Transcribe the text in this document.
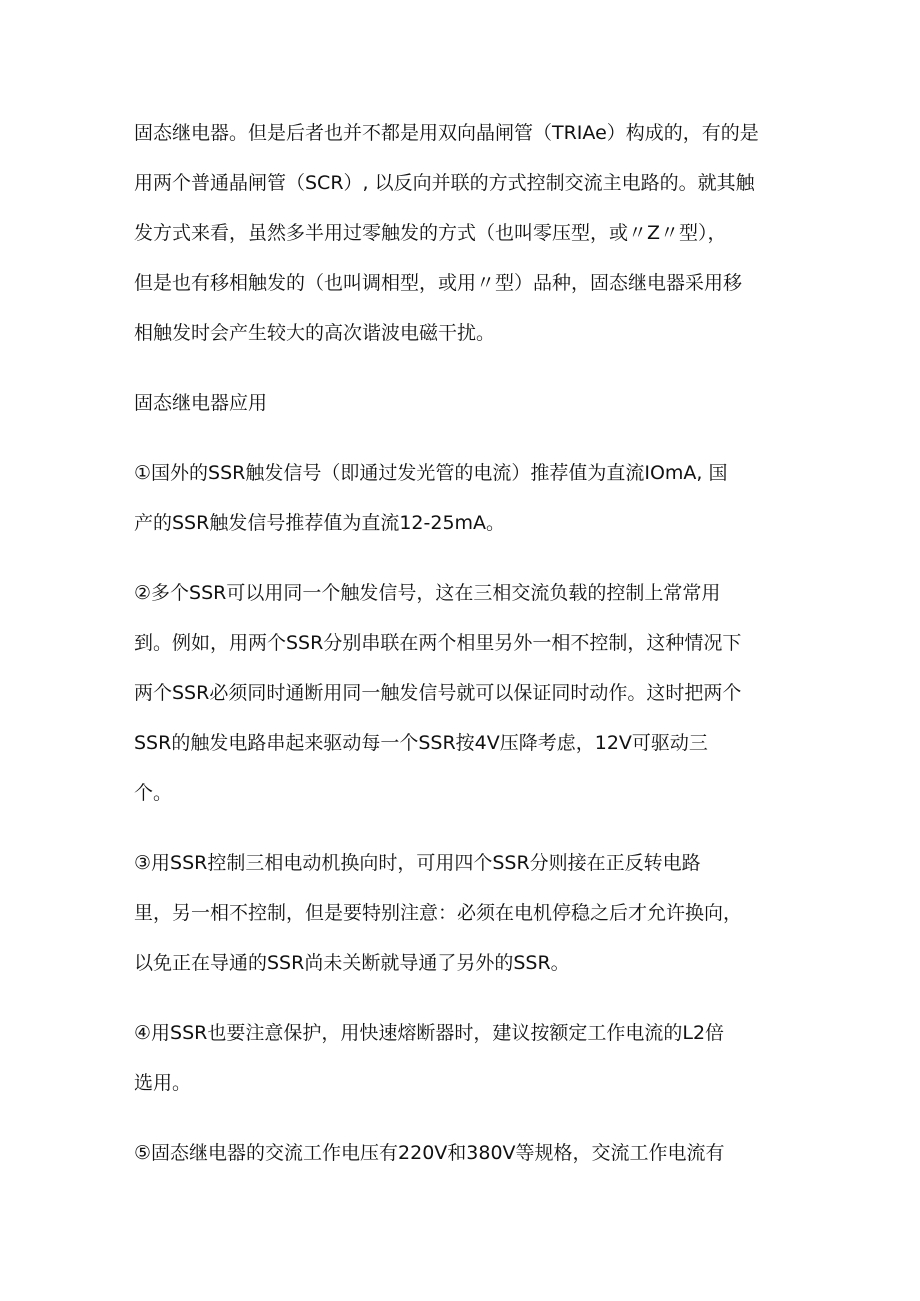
固态继电器。但是后者也并不都是用双向晶闸管（TRIAe）构成的，有的是
用两个普通晶闸管（SCR）, 以反向并联的方式控制交流主电路的。就其触
发方式来看，虽然多半用过零触发的方式（也叫零压型，或〃Z〃型），
但是也有移相触发的（也叫调相型，或用〃型）品种，固态继电器采用移
相触发时会产生较大的高次谐波电磁干扰。

固态继电器应用

①国外的SSR触发信号（即通过发光管的电流）推荐值为直流IOmA, 国
产的SSR触发信号推荐值为直流12-25mA。

②多个SSR可以用同一个触发信号，这在三相交流负载的控制上常常用
到。例如，用两个SSR分别串联在两个相里另外一相不控制，这种情况下
两个SSR必须同时通断用同一触发信号就可以保证同时动作。这时把两个
SSR的触发电路串起来驱动每一个SSR按4V压降考虑，12V可驱动三
个。

③用SSR控制三相电动机换向时，可用四个SSR分则接在正反转电路
里，另一相不控制，但是要特别注意：必须在电机停稳之后才允许换向，
以免正在导通的SSR尚未关断就导通了另外的SSR。

④用SSR也要注意保护，用快速熔断器时，建议按额定工作电流的L2倍
选用。

⑤固态继电器的交流工作电压有220V和380V等规格，交流工作电流有
